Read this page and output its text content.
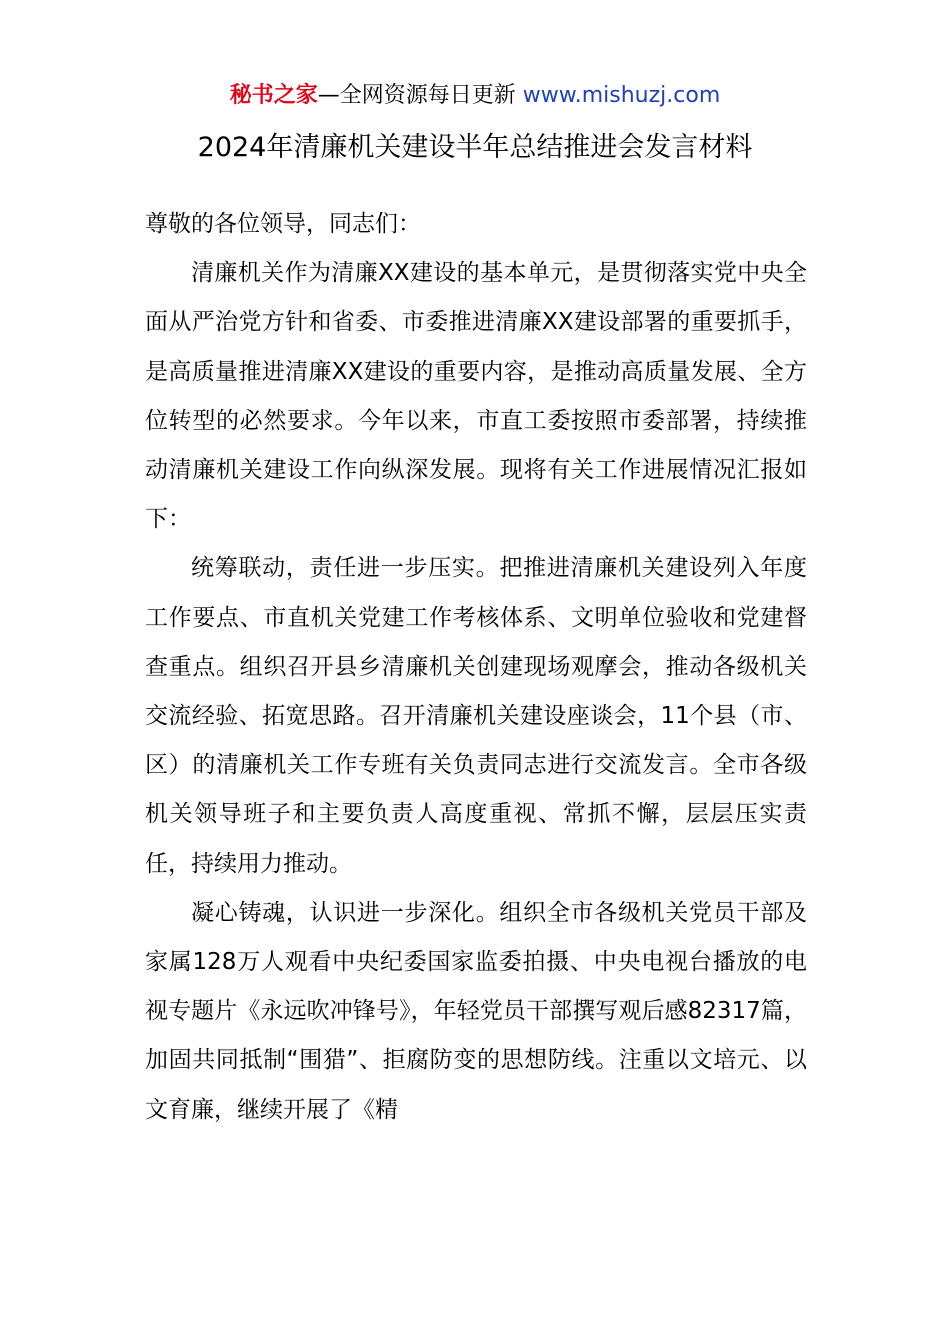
秘书之家—全网资源每日更新 www.mishuzj.com
2024年清廉机关建设半年总结推进会发言材料

尊敬的各位领导，同志们：

清廉机关作为清廉XX建设的基本单元，是贯彻落实党中央全面从严治党方针和省委、市委推进清廉XX建设部署的重要抓手，是高质量推进清廉XX建设的重要内容，是推动高质量发展、全方位转型的必然要求。今年以来，市直工委按照市委部署，持续推动清廉机关建设工作向纵深发展。现将有关工作进展情况汇报如下：

统筹联动，责任进一步压实。把推进清廉机关建设列入年度工作要点、市直机关党建工作考核体系、文明单位验收和党建督查重点。组织召开县乡清廉机关创建现场观摩会，推动各级机关交流经验、拓宽思路。召开清廉机关建设座谈会，11个县（市、区）的清廉机关工作专班有关负责同志进行交流发言。全市各级机关领导班子和主要负责人高度重视、常抓不懈，层层压实责任，持续用力推动。

凝心铸魂，认识进一步深化。组织全市各级机关党员干部及家属128万人观看中央纪委国家监委拍摄、中央电视台播放的电视专题片《永远吹冲锋号》，年轻党员干部撰写观后感82317篇，加固共同抵制“围猎”、拒腐防变的思想防线。注重以文培元、以文育廉，继续开展了《精
